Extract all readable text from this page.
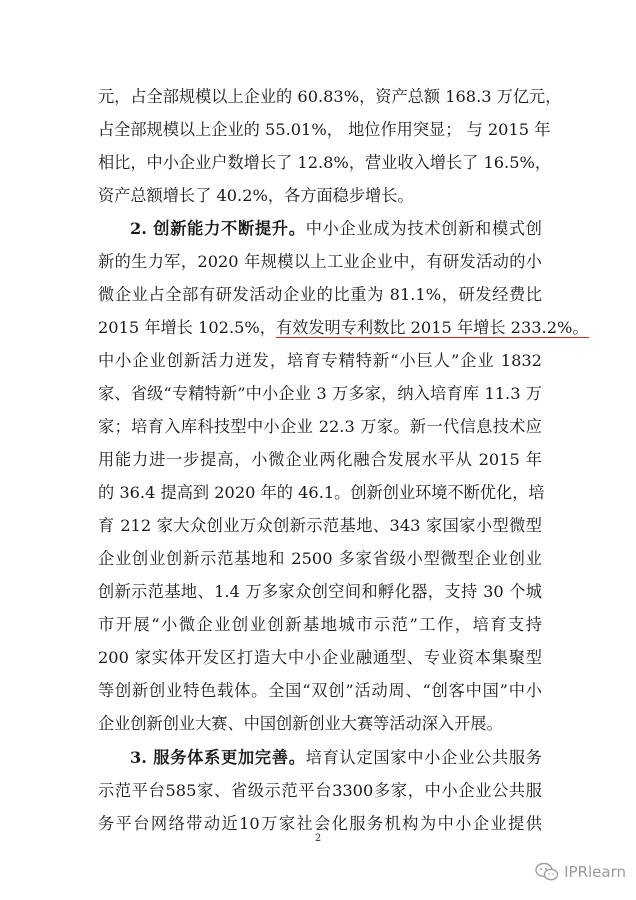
元，占全部规模以上企业的 60.83%，资产总额 168.3 万亿元，
占全部规模以上企业的 55.01%， 地位作用突显； 与 2015 年
相比，中小企业户数增长了 12.8%，营业收入增长了 16.5%，
资产总额增长了 40.2%，各方面稳步增长。
2. 创新能力不断提升。中小企业成为技术创新和模式创
新的生力军，2020 年规模以上工业企业中，有研发活动的小
微企业占全部有研发活动企业的比重为 81.1%，研发经费比
2015 年增长 102.5%，有效发明专利数比 2015 年增长 233.2%。
中小企业创新活力迸发，培育专精特新“小巨人”企业 1832
家、省级“专精特新”中小企业 3 万多家，纳入培育库 11.3 万
家；培育入库科技型中小企业 22.3 万家。新一代信息技术应
用能力进一步提高，小微企业两化融合发展水平从 2015 年
的 36.4 提高到 2020 年的 46.1。创新创业环境不断优化，培
育 212 家大众创业万众创新示范基地、343 家国家小型微型
企业创业创新示范基地和 2500 多家省级小型微型企业创业
创新示范基地、1.4 万多家众创空间和孵化器，支持 30 个城
市开展“小微企业创业创新基地城市示范”工作，培育支持
200 家实体开发区打造大中小企业融通型、专业资本集聚型
等创新创业特色载体。全国“双创”活动周、“创客中国”中小
企业创新创业大赛、中国创新创业大赛等活动深入开展。
3. 服务体系更加完善。培育认定国家中小企业公共服务
示范平台585家、省级示范平台3300多家，中小企业公共服
务平台网络带动近10万家社会化服务机构为中小企业提供
2
IPRlearn
